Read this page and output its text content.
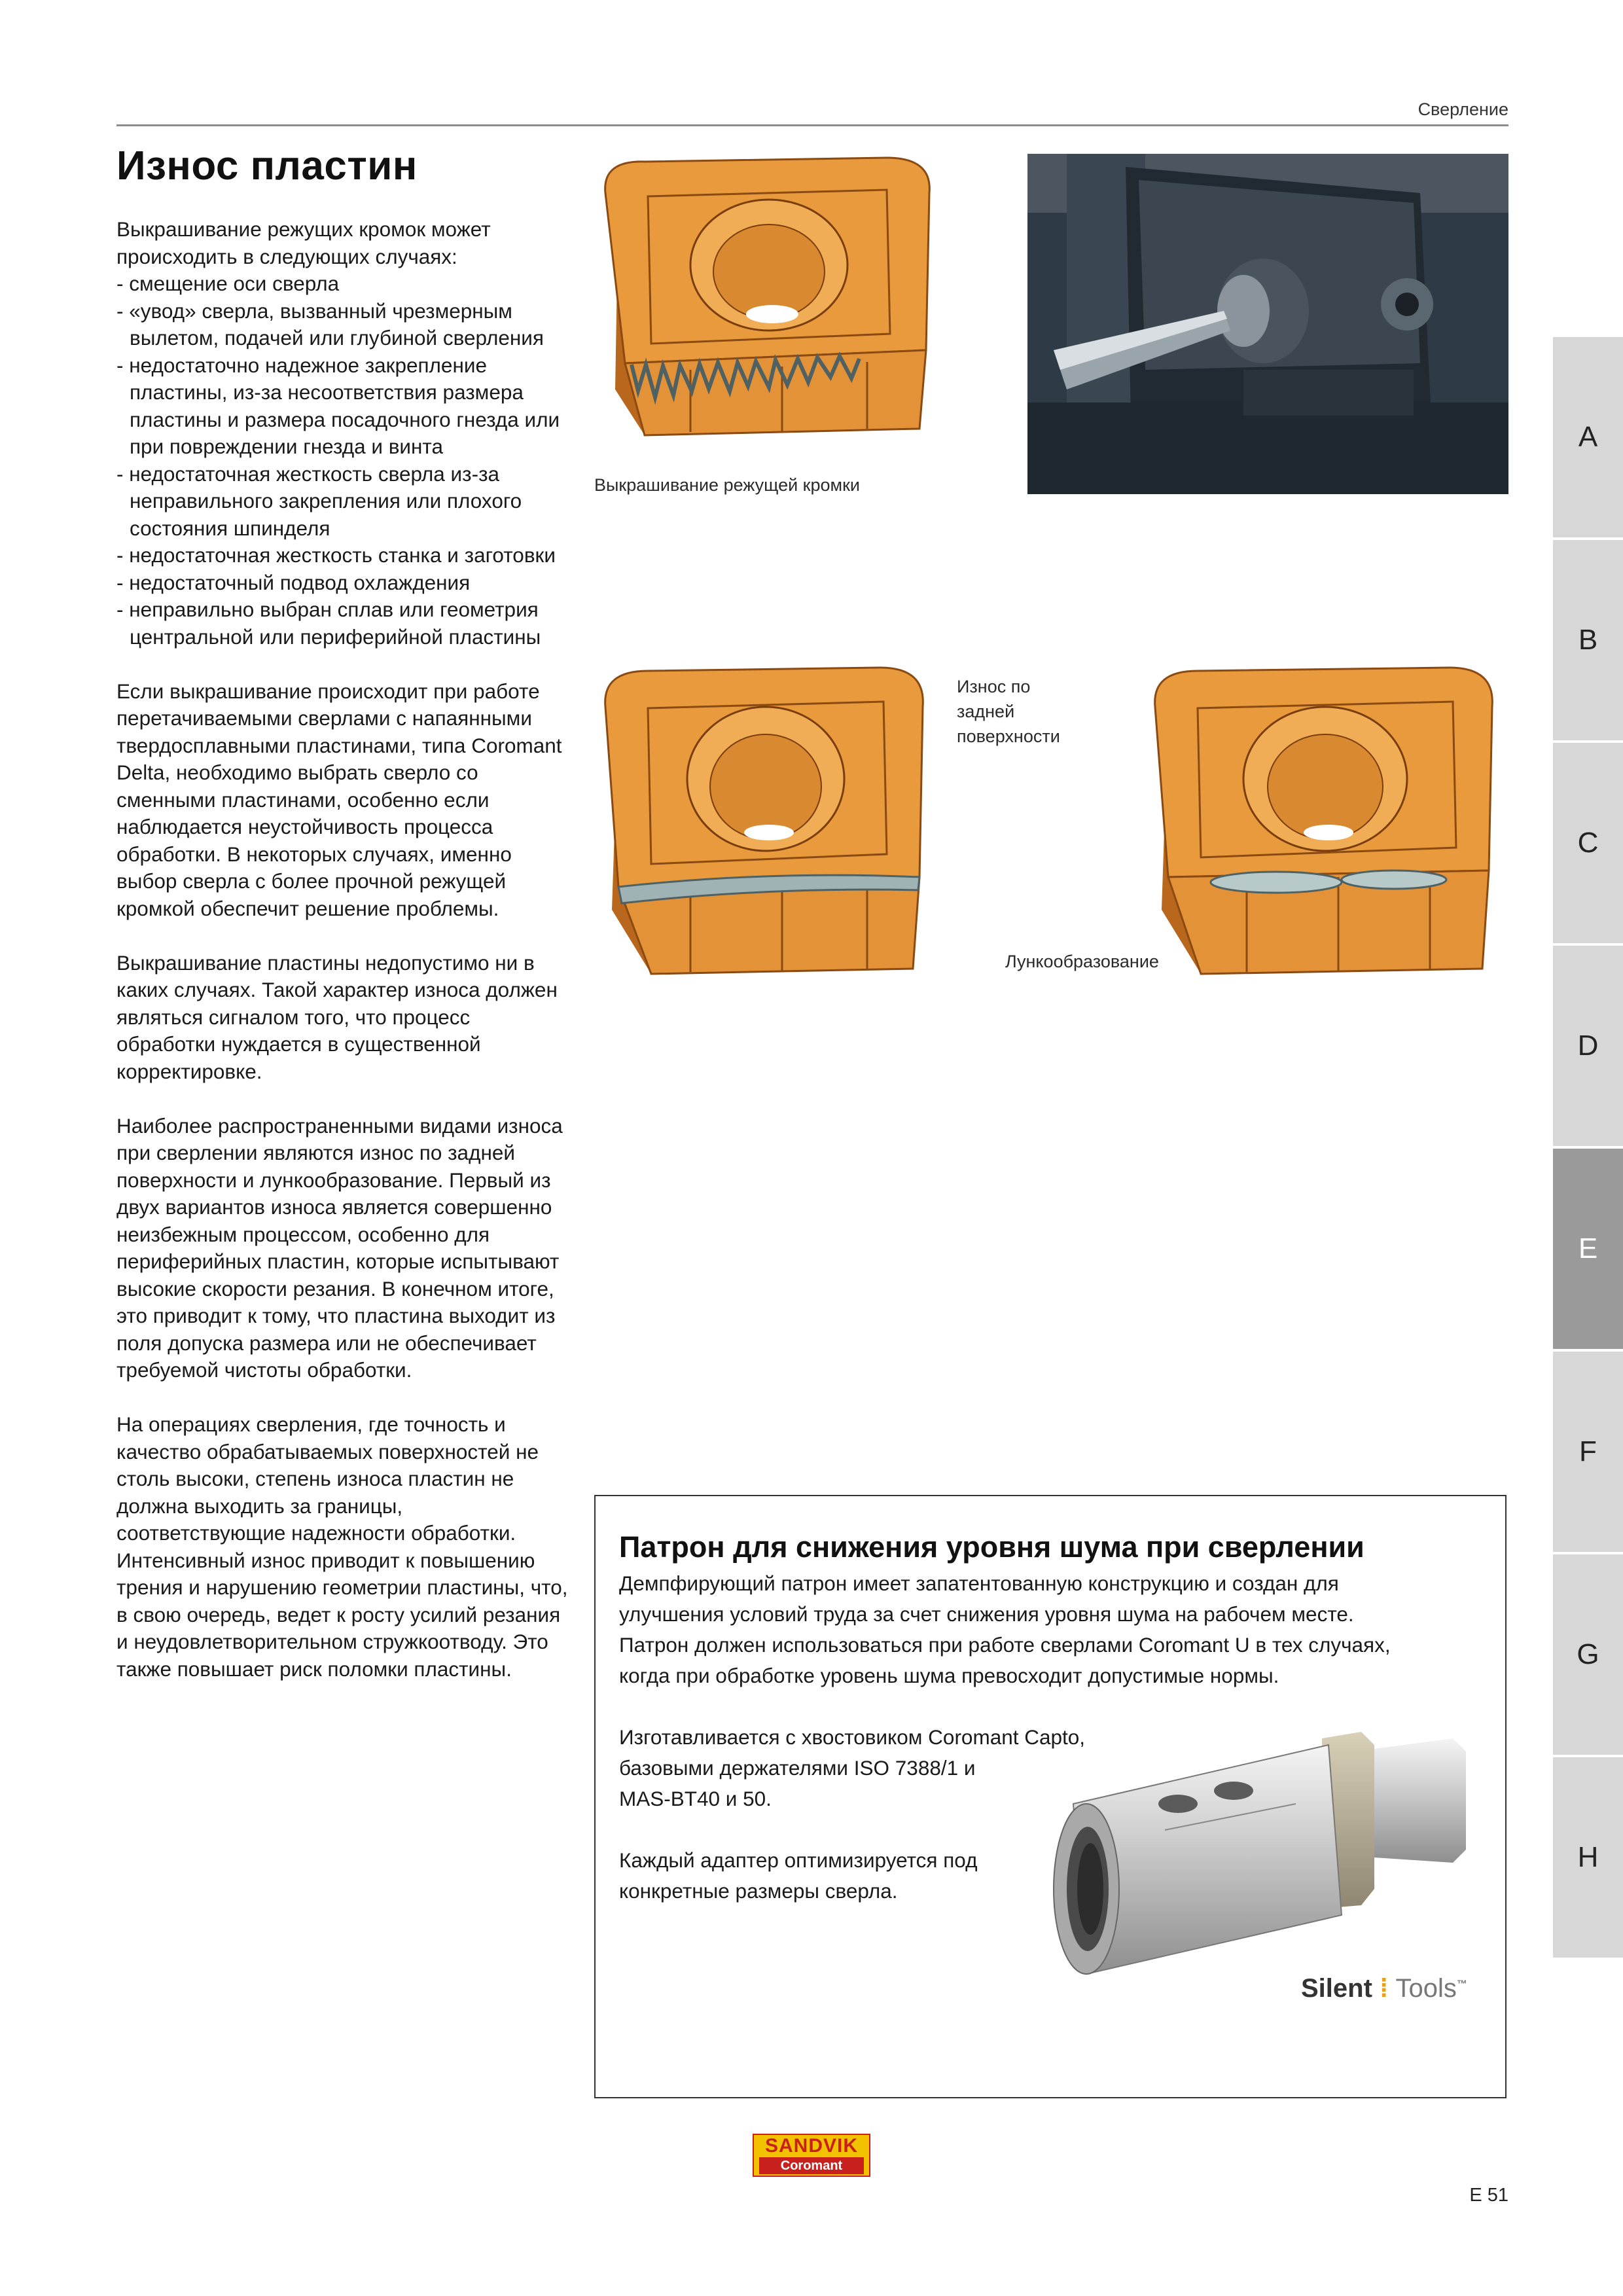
Сверление
Износ пластин

Выкрашивание режущих кромок может происходить в следующих случаях:

- смещение оси сверла
- «увод» сверла, вызванный чрезмерным вылетом, подачей или глубиной сверления
- недостаточно надежное закрепление пластины, из-за несоответствия размера пластины и размера посадочного гнезда или при повреждении гнезда и винта
- недостаточная жесткость сверла из-за неправильного закрепления или плохого состояния шпинделя
- недостаточная жесткость станка и заготовки
- недостаточный подвод охлаждения
- неправильно выбран сплав или геометрия центральной или периферийной пластины

Если выкрашивание происходит при работе перетачиваемыми сверлами с напаянными твердосплавными пластинами, типа Coromant Delta, необходимо выбрать сверло со сменными пластинами, особенно если наблюдается неустойчивость процесса обработки. В некоторых случаях, именно выбор сверла с более прочной режущей кромкой обеспечит решение проблемы.

Выкрашивание пластины недопустимо ни в каких случаях. Такой характер износа должен являться сигналом того, что процесс обработки нуждается в существенной корректировке.

Наиболее распространенными видами износа при сверлении являются износ по задней поверхности и лункообразование. Первый из двух вариантов износа является совершенно неизбежным процессом, особенно для периферийных пластин, которые испытывают высокие скорости резания. В конечном итоге, это приводит к тому, что пластина выходит из поля допуска размера или не обеспечивает требуемой чистоты обработки.

На операциях сверления, где точность и качество обрабатываемых поверхностей не столь высоки, степень износа пластин не должна выходить за границы, соответствующие надежности обработки. Интенсивный износ приводит к повышению трения и нарушению геометрии пластины, что, в свою очередь, ведет к росту усилий резания и неудовлетворительном стружкоотводу. Это также повышает риск поломки пластины.

Выкрашивание режущей кромки
Износ по задней поверхности
Лункообразование
A
B
C
D
E
F
G
H
Патрон для снижения уровня шума при сверлении

Демпфирующий патрон имеет запатентованную конструкцию и создан для

улучшения условий труда за счет снижения уровня шума на рабочем месте.

Патрон должен использоваться при работе сверлами Coromant U в тех случаях,

когда при обработке уровень шума превосходит допустимые нормы.

Изготавливается с хвостовиком Coromant Capto,

базовыми держателями ISO 7388/1 и

MAS-BT40 и 50.

Каждый адаптер оптимизируется под

конкретные размеры сверла.

Silent ⁞ Tools™
SANDVIK
Coromant
E 51
